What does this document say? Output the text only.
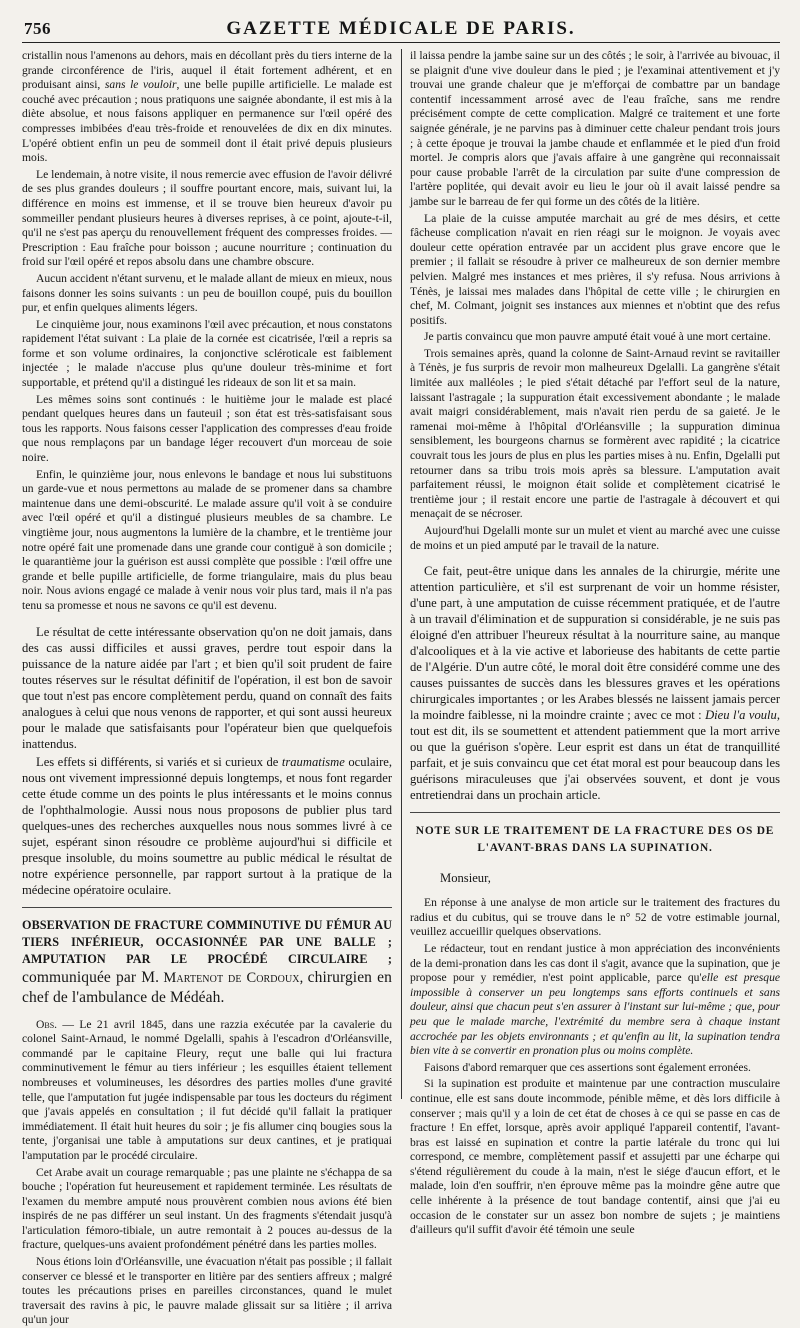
756	GAZETTE MÉDICALE DE PARIS.

cristallin nous l'amenons au dehors, mais en décollant près du tiers interne de la grande circonférence de l'iris, auquel il était fortement adhérent, et en produisant ainsi, sans le vouloir, une belle pupille artificielle. Le malade est couché avec précaution ; nous pratiquons une saignée abondante, il est mis à la diète absolue, et nous faisons appliquer en permanence sur l'œil opéré des compresses imbibées d'eau très-froide et renouvelées de dix en dix minutes. L'opéré obtient enfin un peu de sommeil dont il était privé depuis plusieurs mois.

Le lendemain, à notre visite, il nous remercie avec effusion de l'avoir délivré de ses plus grandes douleurs ; il souffre pourtant encore, mais, suivant lui, la différence en moins est immense, et il se trouve bien heureux d'avoir pu sommeiller pendant plusieurs heures à diverses reprises, à ce point, ajoute-t-il, qu'il ne s'est pas aperçu du renouvellement fréquent des compresses froides. — Prescription : Eau fraîche pour boisson ; aucune nourriture ; continuation du froid sur l'œil opéré et repos absolu dans une chambre obscure.

Aucun accident n'étant survenu, et le malade allant de mieux en mieux, nous faisons donner les soins suivants : un peu de bouillon coupé, puis du bouillon pur, et enfin quelques aliments légers.

Le cinquième jour, nous examinons l'œil avec précaution, et nous constatons rapidement l'état suivant : La plaie de la cornée est cicatrisée, l'œil a repris sa forme et son volume ordinaires, la conjonctive scléroticale est faiblement injectée ; le malade n'accuse plus qu'une douleur très-minime et fort supportable, et prétend qu'il a distingué les rideaux de son lit et sa main.

Les mêmes soins sont continués : le huitième jour le malade est placé pendant quelques heures dans un fauteuil ; son état est très-satisfaisant sous tous les rapports. Nous faisons cesser l'application des compresses d'eau froide que nous remplaçons par un bandage léger recouvert d'un morceau de soie noire.

Enfin, le quinzième jour, nous enlevons le bandage et nous lui substituons un garde-vue et nous permettons au malade de se promener dans sa chambre maintenue dans une demi-obscurité. Le malade assure qu'il voit à se conduire avec l'œil opéré et qu'il a distingué plusieurs meubles de sa chambre. Le vingtième jour, nous augmentons la lumière de la chambre, et le trentième jour notre opéré fait une promenade dans une grande cour contiguë à son domicile ; le quarantième jour la guérison est aussi complète que possible : l'œil offre une grande et belle pupille artificielle, de forme triangulaire, mais du plus beau noir. Nous avions engagé ce malade à venir nous voir plus tard, mais il n'a pas tenu sa promesse et nous ne savons ce qu'il est devenu.

Le résultat de cette intéressante observation qu'on ne doit jamais, dans des cas aussi difficiles et aussi graves, perdre tout espoir dans la puissance de la nature aidée par l'art ; et bien qu'il soit prudent de faire toutes réserves sur le résultat définitif de l'opération, il est bon de savoir que tout n'est pas encore complètement perdu, quand on connaît des faits analogues à celui que nous venons de rapporter, et qui sont aussi heureux pour le malade que satisfaisants pour l'opérateur bien que quelquefois inattendus.

Les effets si différents, si variés et si curieux de traumatisme oculaire, nous ont vivement impressionné depuis longtemps, et nous font regarder cette étude comme un des points le plus intéressants et le moins connus de l'ophthalmologie. Aussi nous nous proposons de publier plus tard quelques-unes des recherches auxquelles nous nous sommes livré à ce sujet, espérant sinon résoudre ce problème aujourd'hui si difficile et presque insoluble, du moins soumettre au public médical le résultat de notre expérience personnelle, par rapport surtout à la pratique de la médecine opératoire oculaire.

OBSERVATION DE FRACTURE COMMINUTIVE DU FÉMUR AU TIERS INFÉRIEUR, OCCASIONNÉE PAR UNE BALLE ; AMPUTATION PAR LE PROCÉDÉ CIRCULAIRE ; communiquée par M. Martenot de Cordoux, chirurgien en chef de l'ambulance de Médéah.

Obs. — Le 21 avril 1845, dans une razzia exécutée par la cavalerie du colonel Saint-Arnaud, le nommé Dgelalli, spahis à l'escadron d'Orléansville, commandé par le capitaine Fleury, reçut une balle qui lui fractura comminutivement le fémur au tiers inférieur ; les esquilles étaient tellement nombreuses et volumineuses, les désordres des parties molles d'une gravité telle, que l'amputation fut jugée indispensable par tous les docteurs du régiment que j'avais appelés en consultation ; il fut décidé qu'il fallait la pratiquer immédiatement. Il était huit heures du soir ; je fis allumer cinq bougies sous la tente, j'organisai une table à amputations sur deux cantines, et je pratiquai l'amputation par le procédé circulaire.

Cet Arabe avait un courage remarquable ; pas une plainte ne s'échappa de sa bouche ; l'opération fut heureusement et rapidement terminée. Les résultats de l'examen du membre amputé nous prouvèrent combien nous avions été bien inspirés de ne pas différer un seul instant. Un des fragments s'étendait jusqu'à l'articulation fémoro-tibiale, un autre remontait à 2 pouces au-dessus de la fracture, quelques-uns avaient profondément pénétré dans les parties molles.

Nous étions loin d'Orléansville, une évacuation n'était pas possible ; il fallait conserver ce blessé et le transporter en litière par des sentiers affreux ; malgré toutes les précautions prises en pareilles circonstances, quand le mulet traversait des ravins à pic, le pauvre malade glissait sur sa litière ; il arriva qu'un jour

il laissa pendre la jambe saine sur un des côtés ; le soir, à l'arrivée au bivouac, il se plaignit d'une vive douleur dans le pied ; je l'examinai attentivement et j'y trouvai une grande chaleur que je m'efforçai de combattre par un bandage contentif incessamment arrosé avec de l'eau fraîche, sans me rendre précisément compte de cette complication. Malgré ce traitement et une forte saignée générale, je ne parvins pas à diminuer cette chaleur pendant trois jours ; à cette époque je trouvai la jambe chaude et enflammée et le pied d'un froid mortel. Je compris alors que j'avais affaire à une gangrène qui reconnaissait pour cause probable l'arrêt de la circulation par suite d'une compression de l'artère poplitée, qui devait avoir eu lieu le jour où il avait laissé pendre sa jambe sur le barreau de fer qui forme un des côtés de la litière.

La plaie de la cuisse amputée marchait au gré de mes désirs, et cette fâcheuse complication n'avait en rien réagi sur le moignon. Je voyais avec douleur cette opération entravée par un accident plus grave encore que le premier ; il fallait se résoudre à priver ce malheureux de son dernier membre pelvien. Malgré mes instances et mes prières, il s'y refusa. Nous arrivions à Ténès, je laissai mes malades dans l'hôpital de cette ville ; le chirurgien en chef, M. Colmant, joignit ses instances aux miennes et n'obtint que des refus positifs.

Je partis convaincu que mon pauvre amputé était voué à une mort certaine.

Trois semaines après, quand la colonne de Saint-Arnaud revint se ravitailler à Ténès, je fus surpris de revoir mon malheureux Dgelalli. La gangrène s'était limitée aux malléoles ; le pied s'était détaché par l'effort seul de la nature, laissant l'astragale ; la suppuration était excessivement abondante ; le malade avait maigri considérablement, mais n'avait rien perdu de sa gaieté. Je le ramenai moi-même à l'hôpital d'Orléansville ; la suppuration diminua sensiblement, les bourgeons charnus se formèrent avec rapidité ; la cicatrice couvrait tous les jours de plus en plus les parties mises à nu. Enfin, Dgelalli put retourner dans sa tribu trois mois après sa blessure. L'amputation avait parfaitement réussi, le moignon était solide et complètement cicatrisé le trentième jour ; il restait encore une partie de l'astragale à découvert et qui menaçait de se nécroser.

Aujourd'hui Dgelalli monte sur un mulet et vient au marché avec une cuisse de moins et un pied amputé par le travail de la nature.

Ce fait, peut-être unique dans les annales de la chirurgie, mérite une attention particulière, et s'il est surprenant de voir un homme résister, d'une part, à une amputation de cuisse récemment pratiquée, et de l'autre à un travail d'élimination et de suppuration si considérable, je ne suis pas éloigné d'en attribuer l'heureux résultat à la nourriture saine, au manque d'alcooliques et à la vie active et laborieuse des habitants de cette partie de l'Algérie. D'un autre côté, le moral doit être considéré comme une des causes puissantes de succès dans les blessures graves et les opérations chirurgicales importantes ; or les Arabes blessés ne laissent jamais percer la moindre faiblesse, ni la moindre crainte ; avec ce mot : Dieu l'a voulu, tout est dit, ils se soumettent et attendent patiemment que la mort arrive ou que la guérison s'opère. Leur esprit est dans un état de tranquillité parfait, et je suis convaincu que cet état moral est pour beaucoup dans les guérisons miraculeuses que j'ai observées souvent, et dont je vous entretiendrai dans un prochain article.

NOTE SUR LE TRAITEMENT DE LA FRACTURE DES OS DE
L'AVANT-BRAS DANS LA SUPINATION.
Monsieur,

En réponse à une analyse de mon article sur le traitement des fractures du radius et du cubitus, qui se trouve dans le n° 52 de votre estimable journal, veuillez accueillir quelques observations.

Le rédacteur, tout en rendant justice à mon appréciation des inconvénients de la demi-pronation dans les cas dont il s'agit, avance que la supination, que je propose pour y remédier, n'est point applicable, parce qu'elle est presque impossible à conserver un peu longtemps sans efforts continuels et sans douleur, ainsi que chacun peut s'en assurer à l'instant sur lui-même ; que, pour peu que le malade marche, l'extrémité du membre sera à chaque instant accrochée par les objets environnants ; et qu'enfin au lit, la supination tendra bien vite à se convertir en pronation plus ou moins complète.

Faisons d'abord remarquer que ces assertions sont également erronées.

Si la supination est produite et maintenue par une contraction musculaire continue, elle est sans doute incommode, pénible même, et dès lors difficile à conserver ; mais qu'il y a loin de cet état de choses à ce qui se passe en cas de fracture ! En effet, lorsque, après avoir appliqué l'appareil contentif, l'avant-bras est laissé en supination et contre la partie latérale du tronc qui lui correspond, ce membre, complètement passif et assujetti par une écharpe qui s'étend régulièrement du coude à la main, n'est le siége d'aucun effort, et le malade, loin d'en souffrir, n'en éprouve même pas la moindre gêne autre que celle inhérente à la présence de tout bandage contentif, ainsi que j'ai eu occasion de le constater sur un assez bon nombre de sujets ; je maintiens d'ailleurs qu'il suffit d'avoir été témoin une seule
